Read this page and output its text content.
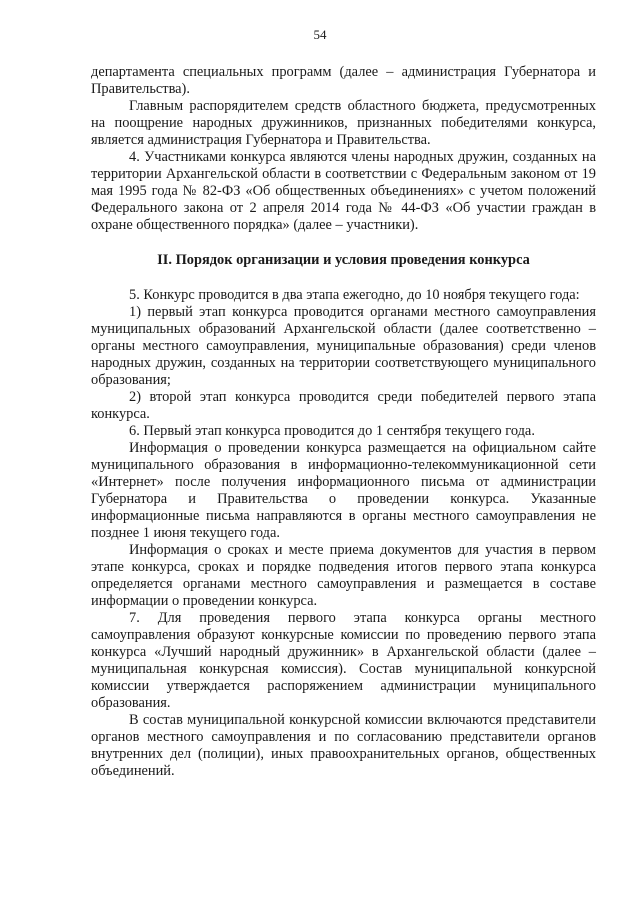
54

департамента специальных программ (далее – администрация Губернатора и Правительства).

Главным распорядителем средств областного бюджета, предусмотренных на поощрение народных дружинников, признанных победителями конкурса, является администрация Губернатора и Правительства.

4. Участниками конкурса являются члены народных дружин, созданных на территории Архангельской области в соответствии с Федеральным законом от 19 мая 1995 года № 82-ФЗ «Об общественных объединениях» с учетом положений Федерального закона от 2 апреля 2014 года № 44-ФЗ «Об участии граждан в охране общественного порядка» (далее – участники).

II. Порядок организации и условия проведения конкурса

5. Конкурс проводится в два этапа ежегодно, до 10 ноября текущего года:

1) первый этап конкурса проводится органами местного самоуправления муниципальных образований Архангельской области (далее соответственно – органы местного самоуправления, муниципальные образования) среди членов народных дружин, созданных на территории соответствующего муниципального образования;

2) второй этап конкурса проводится среди победителей первого этапа конкурса.

6. Первый этап конкурса проводится до 1 сентября текущего года.

Информация о проведении конкурса размещается на официальном сайте муниципального образования в информационно-телекоммуникационной сети «Интернет» после получения информационного письма от администрации Губернатора и Правительства о проведении конкурса. Указанные информационные письма направляются в органы местного самоуправления не позднее 1 июня текущего года.

Информация о сроках и месте приема документов для участия в первом этапе конкурса, сроках и порядке подведения итогов первого этапа конкурса определяется органами местного самоуправления и размещается в составе информации о проведении конкурса.

7. Для проведения первого этапа конкурса органы местного самоуправления образуют конкурсные комиссии по проведению первого этапа конкурса «Лучший народный дружинник» в Архангельской области (далее – муниципальная конкурсная комиссия). Состав муниципальной конкурсной комиссии утверждается распоряжением администрации муниципального образования.

В состав муниципальной конкурсной комиссии включаются представители органов местного самоуправления и по согласованию представители органов внутренних дел (полиции), иных правоохранительных органов, общественных объединений.
